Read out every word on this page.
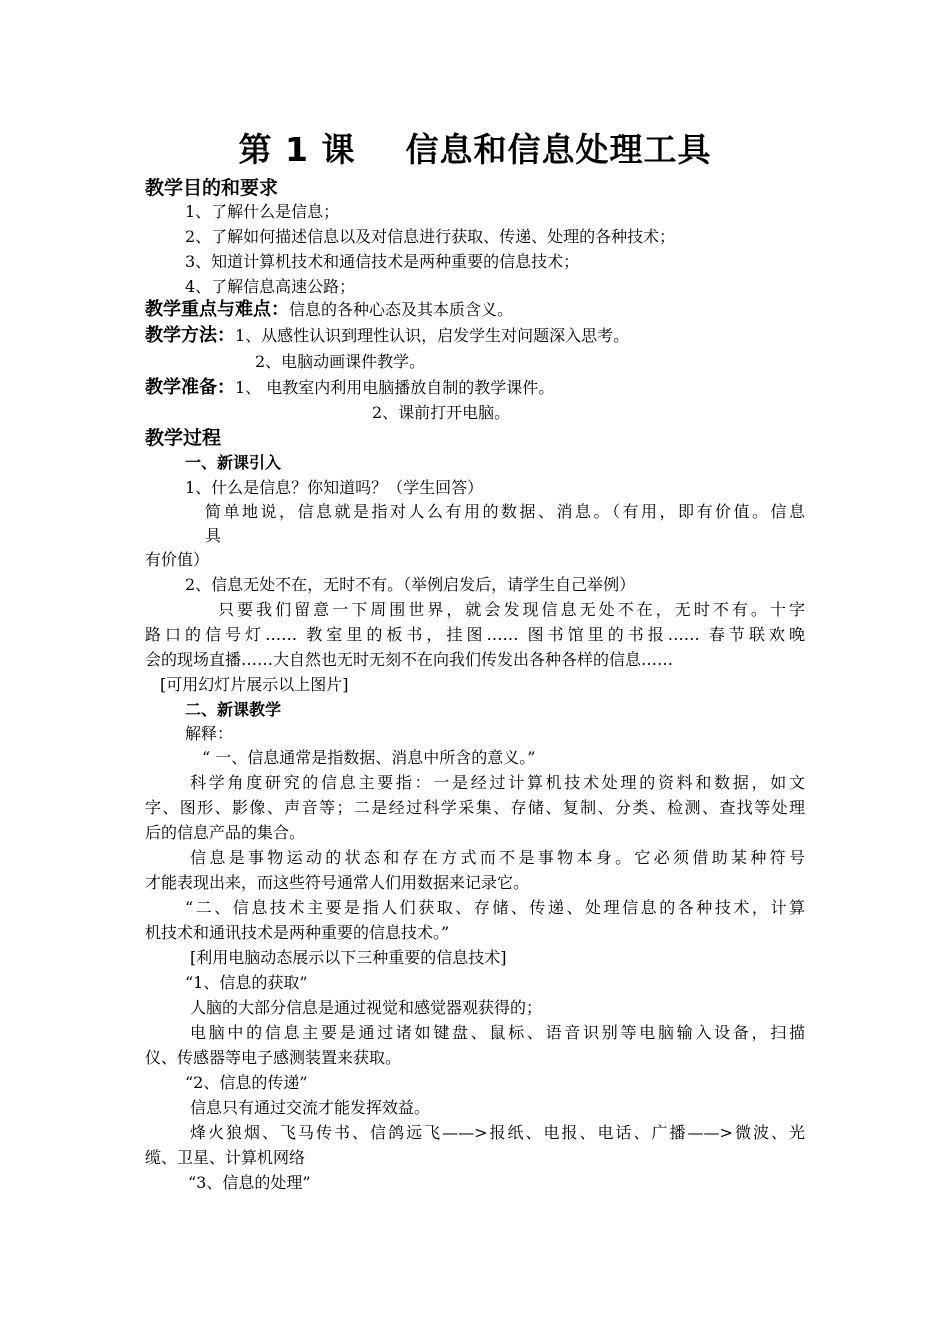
第 1 课    信息和信息处理工具
教学目的和要求
1、了解什么是信息；
2、了解如何描述信息以及对信息进行获取、传递、处理的各种技术；
3、知道计算机技术和通信技术是两种重要的信息技术；
4、了解信息高速公路；
教学重点与难点：信息的各种心态及其本质含义。
教学方法：1、从感性认识到理性认识，启发学生对问题深入思考。
2、电脑动画课件教学。
教学准备：1、 电教室内利用电脑播放自制的教学课件。
2、课前打开电脑。
教学过程
一、新课引入
1、什么是信息？你知道吗？（学生回答）
简单地说，信息就是指对人么有用的数据、消息。（有用，即有价值。信息
具
有价值）
2、信息无处不在，无时不有。（举例启发后，请学生自己举例）
只要我们留意一下周围世界，就会发现信息无处不在，无时不有。十字
路口的信号灯…… 教室里的板书，挂图…… 图书馆里的书报…… 春节联欢晚
会的现场直播……大自然也无时无刻不在向我们传发出各种各样的信息……
[可用幻灯片展示以上图片]
二、新课教学
解释：
“ 一、信息通常是指数据、消息中所含的意义。”
科学角度研究的信息主要指：一是经过计算机技术处理的资料和数据，如文
字、图形、影像、声音等；二是经过科学采集、存储、复制、分类、检测、查找等处理
后的信息产品的集合。
信息是事物运动的状态和存在方式而不是事物本身。它必须借助某种符号
才能表现出来，而这些符号通常人们用数据来记录它。
“二、信息技术主要是指人们获取、存储、传递、处理信息的各种技术，计算
机技术和通讯技术是两种重要的信息技术。”
[利用电脑动态展示以下三种重要的信息技术]
“1、信息的获取”
人脑的大部分信息是通过视觉和感觉器观获得的；
电脑中的信息主要是通过诸如键盘、鼠标、语音识别等电脑输入设备，扫描
仪、传感器等电子感测装置来获取。
“2、信息的传递”
信息只有通过交流才能发挥效益。
烽火狼烟、飞马传书、信鸽远飞——>报纸、电报、电话、广播——>微波、光
缆、卫星、计算机网络
“3、信息的处理”
